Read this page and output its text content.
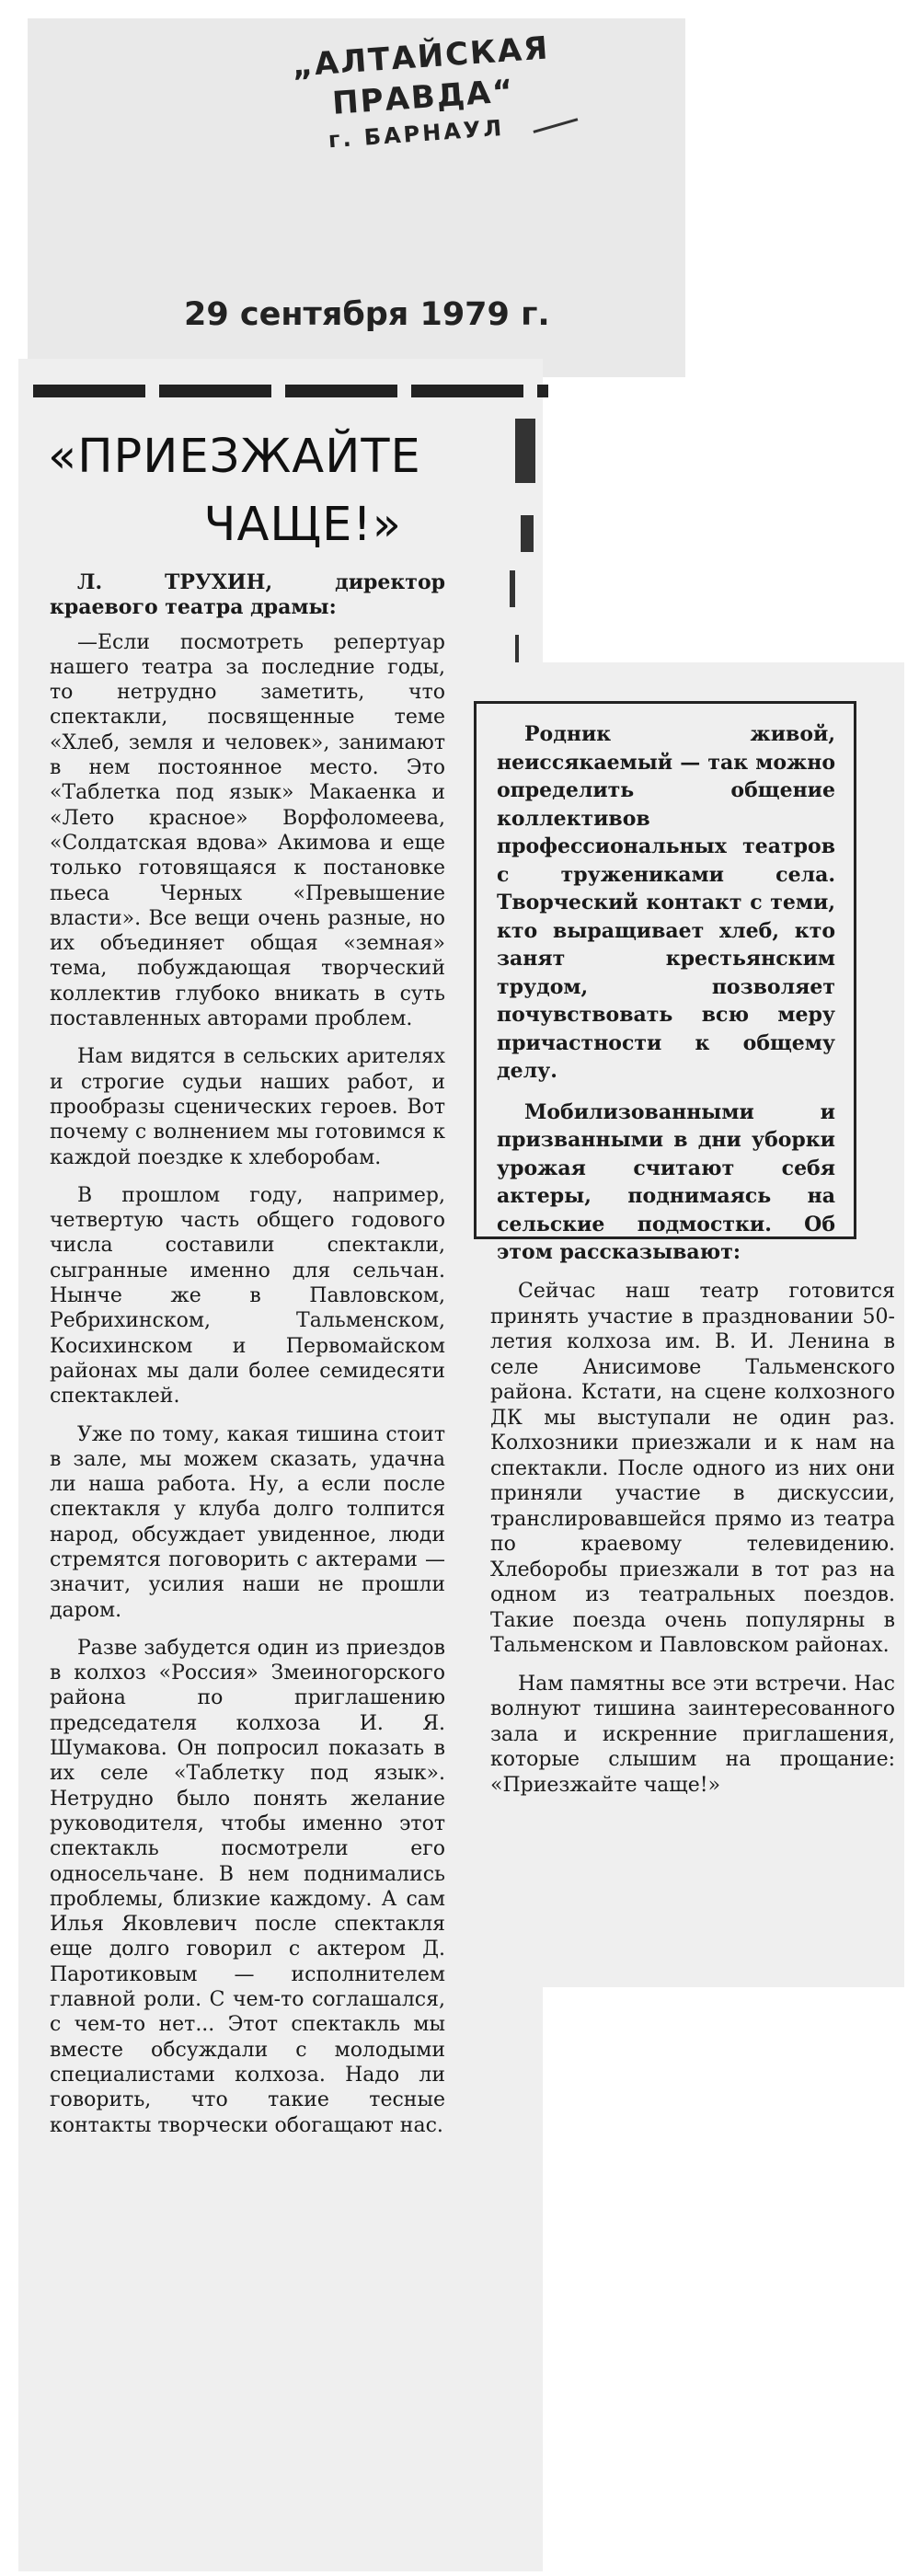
„АЛТАЙСКАЯ ПРАВДА“
г. БАРНАУЛ
29 сентября 1979 г.
«ПРИЕЗЖАЙТЕ
ЧАЩЕ!»

Л. ТРУХИН, директор краевого театра драмы:

—Если посмотреть репертуар нашего театра за последние годы, то нетрудно заметить, что спектакли, посвященные теме «Хлеб, земля и человек», занимают в нем постоянное место. Это «Таблетка под язык» Макаенка и «Лето красное» Ворфоломеева, «Солдатская вдова» Акимова и еще только готовящаяся к постановке пьеса Черных «Превышение власти». Все вещи очень разные, но их объединяет общая «земная» тема, побуждающая творческий коллектив глубоко вникать в суть поставленных авторами проблем.

Нам видятся в сельских арителях и строгие судьи наших работ, и прообразы сценических героев. Вот почему с волнением мы готовимся к каждой поездке к хлеборобам.

В прошлом году, например, четвертую часть общего годового числа составили спектакли, сыгранные именно для сельчан. Нынче же в Павловском, Ребрихинском, Тальменском, Косихинском и Первомайском районах мы дали более семидесяти спектаклей.

Уже по тому, какая тишина стоит в зале, мы можем сказать, удачна ли наша работа. Ну, а если после спектакля у клуба долго толпится народ, обсуждает увиденное, люди стремятся поговорить с актерами — значит, усилия наши не прошли даром.

Разве забудется один из приездов в колхоз «Россия» Змеиногорского района по приглашению председателя колхоза И. Я. Шумакова. Он попросил показать в их селе «Таблетку под язык». Нетрудно было понять желание руководителя, чтобы именно этот спектакль посмотрели его односельчане. В нем поднимались проблемы, близкие каждому. А сам Илья Яковлевич после спектакля еще долго говорил с актером Д. Паротиковым — исполнителем главной роли. С чем-то соглашался, с чем-то нет... Этот спектакль мы вместе обсуждали с молодыми специалистами колхоза. Надо ли говорить, что такие тесные контакты творчески обогащают нас.

Родник живой, неиссякаемый — так можно определить общение коллективов профессиональных театров с тружениками села. Творческий контакт с теми, кто выращивает хлеб, кто занят крестьянским трудом, позволяет почувствовать всю меру причастности к общему делу.

Мобилизованными и призванными в дни уборки урожая считают себя актеры, поднимаясь на сельские подмостки. Об этом рассказывают:

Сейчас наш театр готовится принять участие в праздновании 50-летия колхоза им. В. И. Ленина в селе Анисимове Тальменского района. Кстати, на сцене колхозного ДК мы выступали не один раз. Колхозники приезжали и к нам на спектакли. После одного из них они приняли участие в дискуссии, транслировавшейся прямо из театра по краевому телевидению. Хлеборобы приезжали в тот раз на одном из театральных поездов. Такие поезда очень популярны в Тальменском и Павловском районах.

Нам памятны все эти встречи. Нас волнуют тишина заинтересованного зала и искренние приглашения, которые слышим на прощание: «Приезжайте чаще!»
